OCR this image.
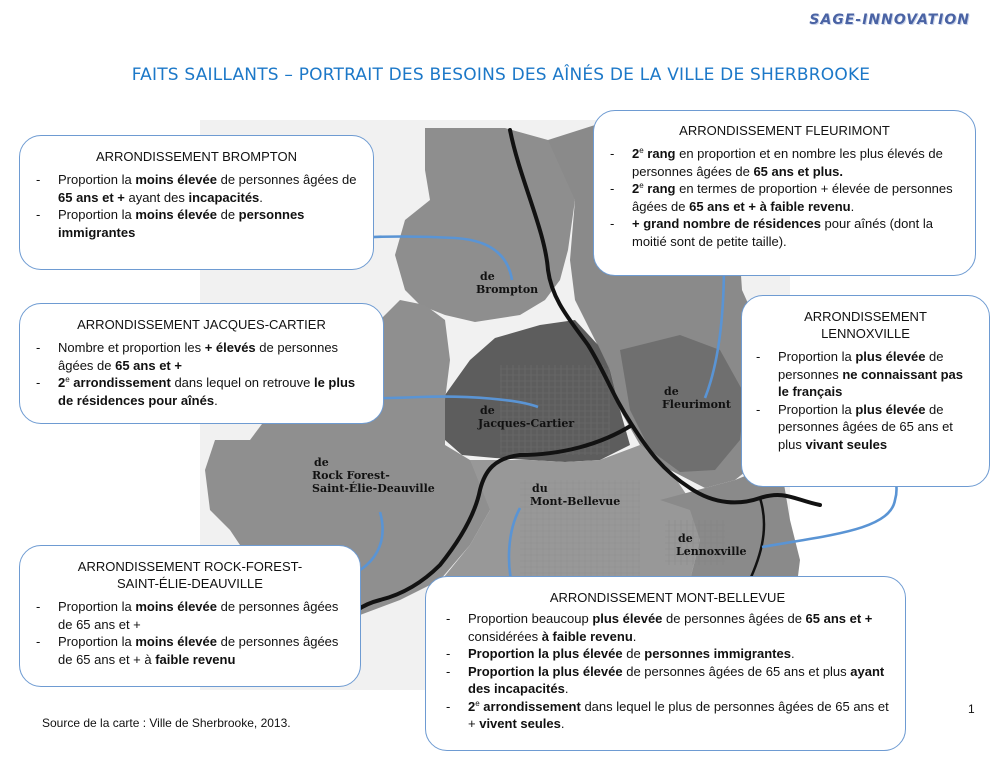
SAGE-INNOVATION
FAITS SAILLANTS – PORTRAIT DES BESOINS DES AÎNÉS DE LA VILLE DE SHERBROOKE
de
Brompton
de
Jacques-Cartier
de
Fleurimont
de
Rock Forest-
Saint-Élie-Deauville	du
Mont-Bellevue
de
Lennoxville
ARRONDISSEMENT BROMPTON
- Proportion la moins élevée de personnes âgées de 65 ans et + ayant des incapacités.
- Proportion la moins élevée de personnes immigrantes
ARRONDISSEMENT JACQUES-CARTIER
- Nombre et proportion les + élevés de personnes âgées de 65 ans et +
- 2e arrondissement dans lequel on retrouve le plus de résidences pour aînés.
ARRONDISSEMENT ROCK-FOREST-SAINT-ÉLIE-DEAUVILLE
- Proportion la moins élevée de personnes âgées de 65 ans et +
- Proportion la moins élevée de personnes âgées de 65 ans et + à faible revenu
ARRONDISSEMENT FLEURIMONT
- 2e rang en proportion et en nombre les plus élevés de personnes âgées de 65 ans et plus.
- 2e rang en termes de proportion + élevée de personnes âgées de 65 ans et + à faible revenu.
- + grand nombre de résidences pour aînés (dont la moitié sont de petite taille).
ARRONDISSEMENT LENNOXVILLE
- Proportion la plus élevée de personnes ne connaissant pas le français
- Proportion la plus élevée de personnes âgées de 65 ans et plus vivant seules
ARRONDISSEMENT MONT-BELLEVUE
- Proportion beaucoup plus élevée de personnes âgées de 65 ans et + considérées à faible revenu.
- Proportion la plus élevée de personnes immigrantes.
- Proportion la plus élevée de personnes âgées de 65 ans et plus ayant des incapacités.
- 2e arrondissement dans lequel le plus de personnes âgées de 65 ans et + vivent seules.
Source de la carte : Ville de Sherbrooke, 2013.
1
